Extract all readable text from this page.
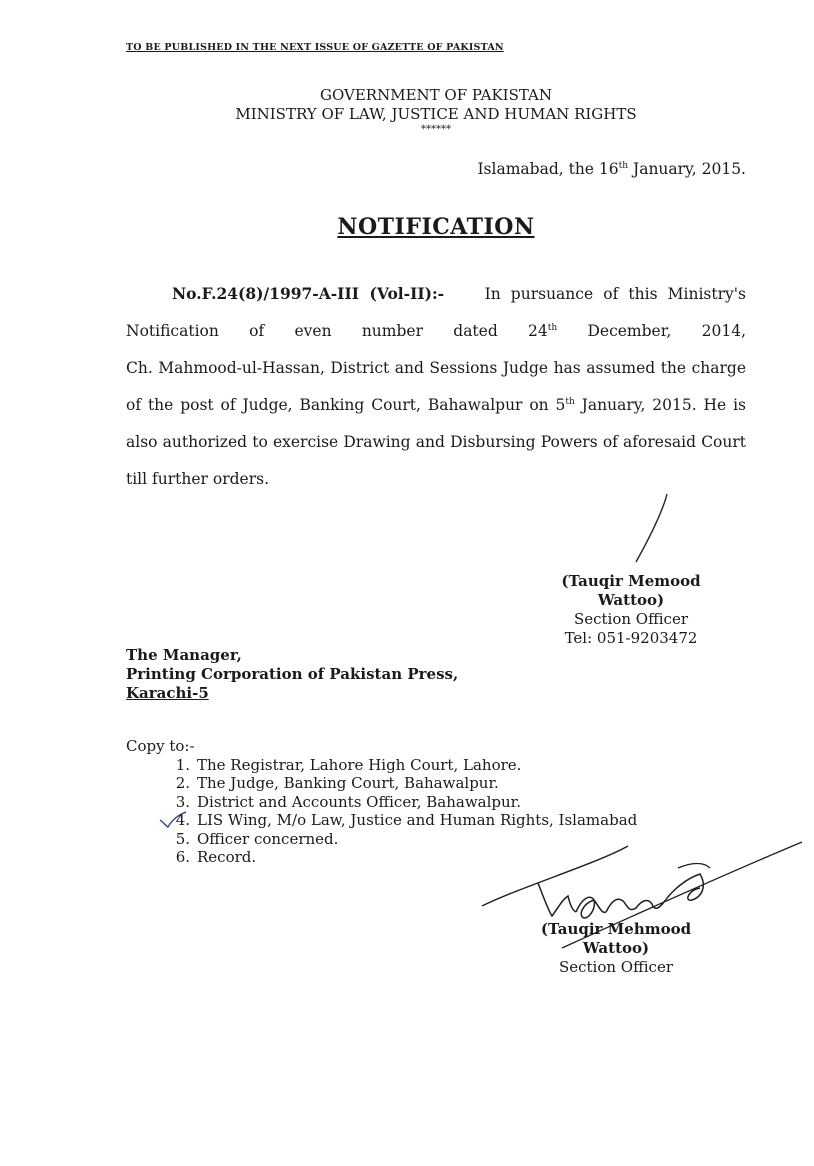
TO BE PUBLISHED IN THE NEXT ISSUE OF GAZETTE OF PAKISTAN
GOVERNMENT OF PAKISTAN
MINISTRY OF LAW, JUSTICE AND HUMAN RIGHTS
******
Islamabad, the 16th January, 2015.
NOTIFICATION
No.F.24(8)/1997-A-III (Vol-II):-	In pursuance of this Ministry's
Notification of even number dated 24th December, 2014,
Ch. Mahmood-ul-Hassan, District and Sessions Judge has assumed the charge
of the post of Judge, Banking Court, Bahawalpur on 5th January, 2015. He is
also authorized to exercise Drawing and Disbursing Powers of aforesaid Court
till further orders.
(Tauqir Memood Wattoo)
Section Officer
Tel: 051-9203472
The Manager,
Printing Corporation of Pakistan Press,
Karachi-5
Copy to:-
1. The Registrar, Lahore High Court, Lahore.
2. The Judge, Banking Court, Bahawalpur.
3. District and Accounts Officer, Bahawalpur.
4. LIS Wing, M/o Law, Justice and Human Rights, Islamabad
5. Officer concerned.
6. Record.
(Tauqir Mehmood Wattoo)
Section Officer
